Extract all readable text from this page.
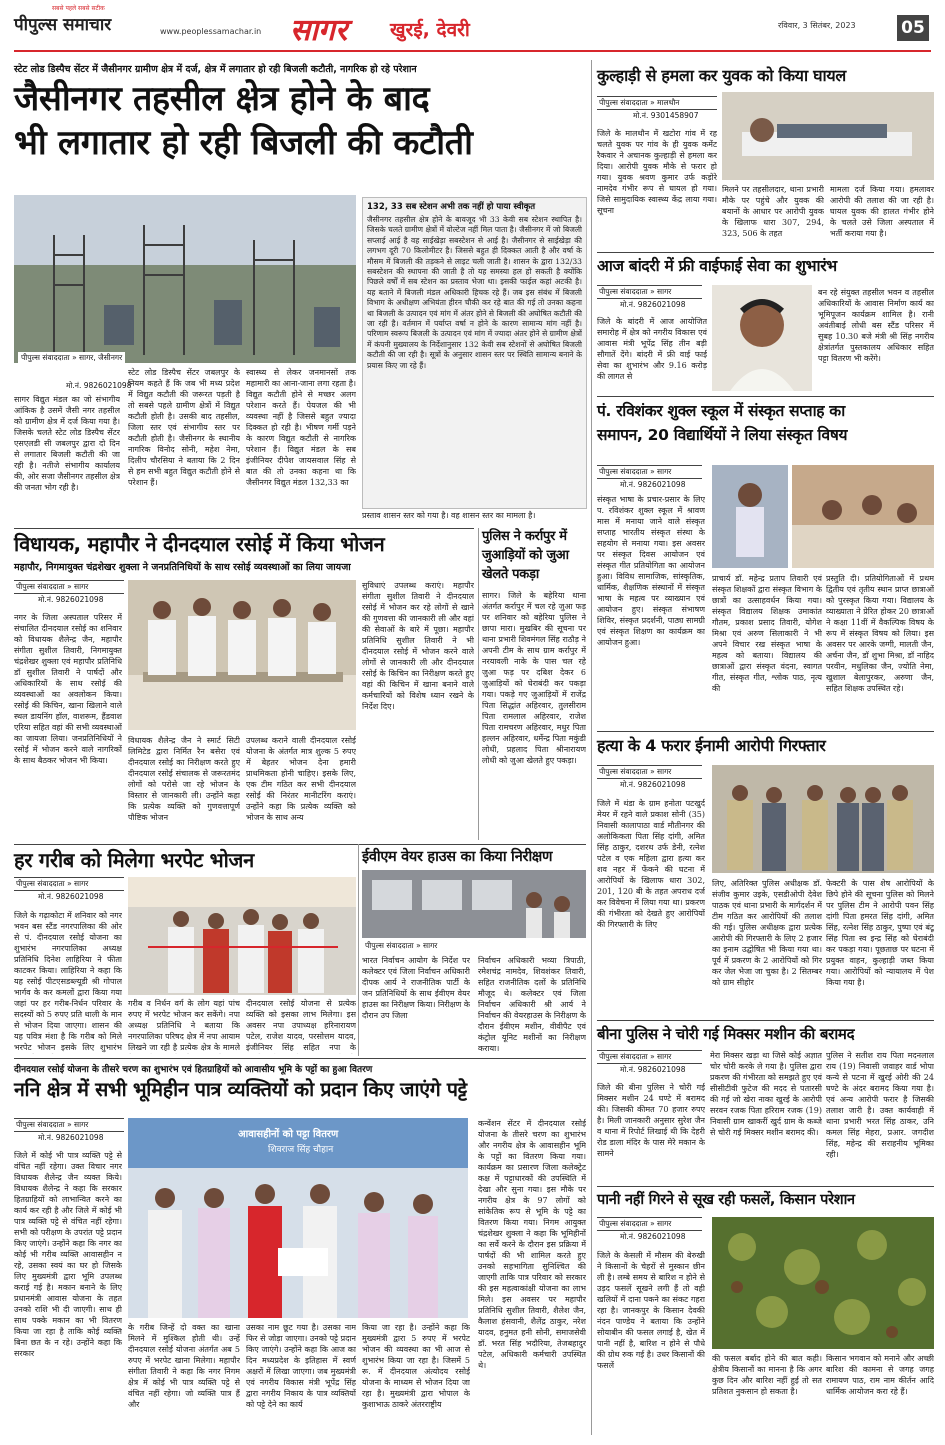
सबसे पहले सबसे सटीक
पीपुल्स समाचार	www.peoplessamachar.in सागर खुरई, देवरी	रविवार, 3 सितंबर, 2023	05
स्टेट लोड डिस्पैच सेंटर में जैसीनगर ग्रामीण क्षेत्र में दर्ज, क्षेत्र में लगातार हो रही बिजली कटौती, नागरिक हो रहे परेशान
जैसीनगर तहसील क्षेत्र होने के बाद
भी लगातार हो रही बिजली की कटौती
पीपुल्स संवाददाता » सागर, जैसीनगर
मो.नं. 9826021098
132, 33 सब स्टेशन अभी तक नहीं हो पाया स्वीकृत
जैसीनगर तहसील क्षेत्र होने के बावजूद भी 33 केवी सब स्टेशन स्थापित है। जिसके चलते ग्रामीण क्षेत्रों में वोल्टेज नहीं मिल पाता है। जैसीनगर में जो बिजली सप्लाई आई है वह साईखेड़ा सबस्टेशन से आई है। जैसीनगर से साईखेड़ा की लगभग दूरी 70 किलोमीटर है। जिससे बहुत ही दिक्कत आती है और वर्षा के मौसम में बिजली की तड़कने से लाइट चली जाती है। शासन के द्वारा 132/33 सबस्टेशन की स्थापना की जाती है तो यह समस्या हल हो सकती है क्योंकि पिछले वर्षों में सब स्टेशन का प्रस्ताव भेजा था। इसकी फाईल कहां अटकी है। यह बताने में बिजली मंडल अधिकारी हिचक रहे हैं। जब इस संबंध में बिजली विभाग के अधीक्षण अभियंता हीरन चौकी कर रहे बात की गई तो उनका कहना था बिजली के उत्पादन एवं मांग में अंतर होने से बिजली की अघोषित कटौती की जा रही है। वर्तमान में पर्याप्त वर्षा न होने के कारण सामान्य मांग नहीं है। परिणाम स्वरूप बिजली के उत्पादन एवं मांग में ज्यादा अंतर होने से ग्रामीण क्षेत्रों में कंपनी मुख्यालय के निर्देशानुसार 132 केवी सब स्टेशनों से अघोषित बिजली कटौती की जा रही है। सूत्रों के अनुसार शासन स्तर पर स्थिति सामान्य बनाने के प्रयास किए जा रहे हैं।
सागर विद्युत मंडल का जो संभागीय आंकिक है उसमें जैसी नगर तहसील को ग्रामीण क्षेत्र में दर्ज किया गया है। जिसके चलते स्टेट लोड डिस्पैच सेंटर एसएलडी सी जबलपुर द्वारा दो दिन से लगातार बिजली कटौती की जा रही है। नतीजे संभागीय कार्यालय की, ओर सजा जैसीनगर तहसील क्षेत्र की जनता भोग रही है।
स्टेट लोड डिस्पैच सेंटर जबलपुर के नियम कहते हैं कि जब भी मध्य प्रदेश में विद्युत कटौती की जरूरत पड़ती है तो सबसे पहले ग्रामीण क्षेत्रों में विद्युत कटौती होती है। उसकी बाद तहसील, जिला स्तर एवं संभागीय स्तर पर कटौती होती है। जैसीनगर के स्थानीय नागरिक विनोद सोनी, महेश नेमा, दिलीप चौरसिया ने बताया कि 2 दिन से हम सभी बहुत विद्युत कटौती होने से परेशान हैं।
स्वास्थ्य से लेकर जनमानसों तक महामारी का आना-जाना लगा रहता है। विद्युत कटौती होने से मच्छर अलग परेशान करते हैं। पेयजल की भी व्यवस्था नहीं है जिससे बहुत ज्यादा दिक्कत हो रही है। भीषण गर्मी पड़ने के कारण विद्युत कटौती से नागरिक परेशान हैं। विद्युत मंडल के सब इंजीनियर दीपेश जायसवाल सिंह से बात की तो उनका कहना था कि जैसीनगर विद्युत मंडल 132,33 का
प्रस्ताव शासन स्तर को गया है। वह शासन स्तर का मामला है।
कुल्हाड़ी से हमला कर युवक को किया घायल
पीपुल्स संवाददाता » मालथौन
मो.नं. 9301458907
जिले के मालथौन में खटोरा गांव में रह चलते युवक पर गांव के ही युवक कमेंट रैकवार ने अचानक कुल्हाड़ी से हमला कर दिया। आरोपी युवक मौके से फरार हो गया। युवक श्रवण कुमार उर्फ कड़ोरे नामदेव गंभीर रूप से घायल हो गया। जिसे सामुदायिक स्वास्थ्य केंद्र लाया गया। सूचना
मिलने पर तहसीलदार, थाना प्रभारी मौके पर पहुंचे और युवक की बयानों के आधार पर आरोपी युवक के खिलाफ धारा 307, 294, 323, 506 के तहत
मामला दर्ज किया गया। हमलावर आरोपी की तलाश की जा रही है। घायल युवक की हालत गंभीर होने के चलते उसे जिला अस्पताल में भर्ती कराया गया है।
आज बांदरी में फ्री वाईफाई सेवा का शुभारंभ
पीपुल्स संवाददाता » सागर
मो.नं. 9826021098
जिले के बांदरी में आज आयोजित समारोह में क्षेत्र को नगरीय विकास एवं आवास मंत्री भूपेंद्र सिंह तीन बड़ी सौगातें देंगे। बांदरी में फ्री वाई फाई सेवा का शुभारंभ और 9.16 करोड़ की लागत से
बन रहे संयुक्त तहसील भवन व तहसील अधिकारियों के आवास निर्माण कार्य का भूमिपूजन कार्यक्रम शामिल है। रानी अवंतीबाई लोधी बस स्टैंड परिसर में सुबह 10.30 बजे मंत्री श्री सिंह नगरीय क्षेत्रांतर्गत पुस्तकालय अधिकार सहित पट्टा वितरण भी करेंगे।
पं. रविशंकर शुक्ल स्कूल में संस्कृत सप्ताह का
समापन, 20 विद्यार्थियों ने लिया संस्कृत विषय
पीपुल्स संवाददाता » सागर
मो.नं. 9826021098
संस्कृत भाषा के प्रचार-प्रसार के लिए प. रविशंकर शुक्ल स्कूल में श्रावण मास में मनाया जाने वाले संस्कृत सप्ताह भारतीय संस्कृत संस्था के सहयोग से मनाया गया। इस अवसर पर संस्कृत दिवस आयोजन एवं संस्कृत गीत प्रतियोगिता का आयोजन हुआ। विविध सामाजिक, सांस्कृतिक, धार्मिक, शैक्षणिक संस्थानों में संस्कृत भाषा के महत्व पर व्याख्यान एवं आयोजन हुए। संस्कृत संभाषण शिविर, संस्कृत प्रदर्शनी, पाठ्य सामग्री एवं संस्कृत शिक्षण का कार्यक्रम का आयोजन हुआ।
प्राचार्य डॉ. महेन्द्र प्रताप तिवारी एवं संस्कृत शिक्षकों द्वारा संस्कृत विभाग के छात्रों का उत्साहवर्धन किया गया। संस्कृत विद्यालय शिक्षक उमाकांत गौतम, प्रकाश प्रसाद तिवारी, योगेश मिश्रा एवं अरुण सिलाकारी ने भी अपने विचार रख संस्कृत भाषा के महत्व को बताया। विद्यालय की छात्राओं द्वारा संस्कृत वंदना, स्वागत गीत, संस्कृत गीत, श्लोक पाठ, नृत्य की
प्रस्तुति दी। प्रतियोगिताओं में प्रथम द्वितीय एवं तृतीय स्थान प्राप्त छात्राओं को पुरस्कृत किया गया। विद्यालय के व्याख्याता ने प्रेरित होकर 20 छात्राओं ने कक्षा 11वीं में वैकल्पिक विषय के रूप में संस्कृत विषय को लिया। इस अवसर पर आरके जग्गी, मालती जैन, अर्चना जैन, डॉ शुभा मिश्रा, डॉ नाहिद परवीन, मधुलिका जैन, ज्योति नेमा, खुशाल बेलापुरकर, अरुणा जैन, सहित शिक्षक उपस्थित रहे।
हत्या के 4 फरार ईनामी आरोपी गिरफ्तार
पीपुल्स संवाददाता » सागर
मो.नं. 9826021098
जिले में थंडा के ग्राम हनोता पटखुर्द मेयर में रहने वाले प्रकाश सोनी (35) निवासी कालापाठा वार्ड मौतीनगर की अलोकिकता पिता सिंह दांगी, अमित सिंह ठाकुर, दशरथ उर्फ डेनी, रत्नेश पटेल व एक महिला द्वारा हत्या कर शव नहर में फेंकने की घटना में आरोपियों के खिलाफ धारा 302, 201, 120 बी के तहत अपराध दर्ज कर विवेचना में लिया गया था। प्रकरण की गंभीरता को देखते हुए आरोपियों की गिरफ्तारी के लिए
लिए, अतिरिक्त पुलिस अधीक्षक डॉ. संजीव कुमार उइके, एसडीओपी देवेश पाठक एवं थाना प्रभारी के मार्गदर्शन में टीम गठित कर आरोपियों की तलाश की गई। पुलिस अधीक्षक द्वारा प्रत्येक आरोपी की गिरफ्तारी के लिए 2 हजार का इनाम उद्घोषित भी किया गया था। पूर्व में प्रकरण के 2 आरोपियों को गिर कर जेल भेजा जा चुका है। 2 सितम्बर को ग्राम सीहोर
फेक्टरी के पास शेष आरोपियों के छिपे होने की सूचना पुलिस को मिलने पर पुलिस टीम ने आरोपी पवन सिंह दांगी पिता हमरत सिंह दांगी, अमित सिंह, रत्नेश सिंह ठाकुर, पुष्पा एवं बंटू सिंह पिता स्व इन्द्र सिंह को घेराबंदी कर पकड़ा गया। पूछताछ पर घटना में प्रयुक्त वाहन, कुल्हाड़ी जब्त किया गया। आरोपियों को न्यायालय में पेश किया गया है।
बीना पुलिस ने चोरी गई मिक्सर मशीन की बरामद
पीपुल्स संवाददाता » सागर
मो.नं. 9826021098
जिले की बीना पुलिस ने चोरी गई मिक्सर मशीन 24 घण्टे में बरामद की। जिसकी कीमत 70 हजार रुपए है। मिली जानकारी अनुसार सुरेश जैन व थाना में रिपोर्ट लिखाई थी कि देहरी रोड डाला मंदिर के पास मेरे मकान के सामने
मेरा मिक्सर खड़ा था जिसे कोई अज्ञात चोर चोरी करके ले गया है। पुलिस द्वारा प्रकरण की गंभीरता को समझते हुए एवं सीसीटीवी फुटेज की मदद से पतारसी की गई जो खेरा नाका खुरई के आरोपी सरवन रजक पिता हरिराम रजक (19) निवासी ग्राम खाकरीं खुर्द ग्राम के कब्जे से चोरी गई मिक्सर मशीन बरामद की।
पुलिस ने सतीश राय पिता मदनलाल राय (19) निवासी जवाहर वार्ड भोपा कन्ये से पटना में खुरई ओरी की 24 घण्टे के अंदर बरामद किया गया है। एवं अन्य आरोपी फरार है जिसकी तलाश जारी है। उक्त कार्यवाही में थाना प्रभारी भरत सिंह ठाकर, उनि कमल सिंह मेहरा, प्रआर. जगदीश सिंह, महेन्द्र की सराहनीय भूमिका रही।
पानी नहीं गिरने से सूख रही फसलें, किसान परेशान
पीपुल्स संवाददाता » सागर
मो.नं. 9826021098
जिले के केसली में मौसम की बेरुखी ने किसानों के चेहरों से मुस्कान छीन ली है। लम्बे समय से बारिश न होने से उड़द फसलें सूखने लगी हैं तो वही खलियों में दाना पकने का संकट गहरा रहा है। जानकपुर के किसान देवकी नंदन पाण्डेय ने बताया कि उन्होंने सोयाबीन की फसल लगाई है, खेत में पानी नहीं है, बारिश न होने से पौधे की ग्रोथ रुक गई है। उधर किसानों की फसलें
की फसल बर्बाद होने की बात कही। क्षेत्रीय किसानों का मानना है कि अगर कुछ दिन और बारिश नहीं हुई तो सत प्रतिशत नुकसान हो सकता है।
किसान भगवान को मनाने और अच्छी बारिश की कामना से जगह जगह रामायण पाठ, राम नाम कीर्तन आदि धार्मिक आयोजन करा रहे हैं।
विधायक, महापौर ने दीनदयाल रसोई में किया भोजन
महापौर, निगमायुक्त चंद्रशेखर शुक्ला ने जनप्रतिनिधियों के साथ रसोई व्यवस्थाओं का लिया जायजा
पीपुल्स संवाददाता » सागर
मो.नं. 9826021098
नगर के जिला अस्पताल परिसर में संचालित दीनदयाल रसोई का शनिवार को विधायक शैलेन्द्र जैन, महापौर संगीता सुशील तिवारी, निगमायुक्त चंद्रशेखर शुक्ला एवं महापौर प्रतिनिधि डॉ सुशील तिवारी ने पार्षदों और अधिकारियों के साथ रसोई की व्यवस्थाओं का अवलोकन किया। रसोई की किचिन, खाना खिलाने वाले स्थल डायनिंग हॉल, वाशरूम, हैंडवाश एरिया सहित वहां की सभी व्यवस्थाओं का जायजा लिया। जनप्रतिनिधियों ने रसोई में भोजन करने वाले नागरिकों के साथ बैठकर भोजन भी किया।
विधायक शैलेन्द्र जैन ने स्मार्ट सिटी लिमिटेड द्वारा निर्मित रैन बसेरा एवं दीनदयाल रसोई का निरीक्षण करते हुए दीनदयाल रसोई संचालक से जरूरतमंद लोगों को परोसे जा रहे भोजन के विस्तार से जानकारी ली। उन्होंने कहा कि प्रत्येक व्यक्ति को गुणवत्तापूर्ण पौष्टिक भोजन
उपलब्ध कराने वाली दीनदयाल रसोई योजना के अंतर्गत मात्र शुल्क 5 रुपए में बेहतर भोजन देना हमारी प्राथमिकता होनी चाहिए। इसके लिए, एक टीम गठित कर सभी दीनदयाल रसोई की निरंतर मानीटरिंग कराएं। उन्होंने कहा कि प्रत्येक व्यक्ति को भोजन के साथ अन्य
सुविधाएं उपलब्ध कराएं। महापौर संगीता सुशील तिवारी ने दीनदयाल रसोई में भोजन कर रहे लोगों से खाने की गुणवत्ता की जानकारी ली और वहां की सेवाओं के बारे में पूछा। महापौर प्रतिनिधि सुशील तिवारी ने भी दीनदयाल रसोई में भोजन करने वाले लोगों से जानकारी ली और दीनदयाल रसोई के किचिन का निरीक्षण करते हुए वहां की किचिन में खाना बनाने वाले कर्मचारियों को विशेष ध्यान रखने के निर्देश दिए।
पुलिस ने कर्रापुर में
जुआड़ियों को जुआ
खेलते पकड़ा
सागर। जिले के बहेरिया थाना अंतर्गत कर्रापुर में चल रहे जुआ फड़ पर शनिवार को बहेरिया पुलिस ने छापा मारा। मुखबिर की सूचना पर थाना प्रभारी शिवमंगल सिंह राठौड़ ने अपनी टीम के साथ ग्राम कर्रापुर में नरयावली नाके के पास चल रहे जुआ फड़ पर दबिश देकर 6 जुआड़ियों को घेराबंदी कर पकड़ा गया। पकड़े गए जुआड़ियों में राजेंद्र पिता सिद्धांत अहिरवार, तुलसीराम पिता रामलाल अहिरवार, राजेश पिता रामचरण अहिरवार, मधुर पिता हल्लन अहिरवार, धर्मेन्द्र पिता मकुंडी लोधी, प्रहलाद पिता श्रीनारायण लोधी को जुआ खेलते हुए पकड़ा।
हर गरीब को मिलेगा भरपेट भोजन
पीपुल्स संवाददाता » सागर
मो.नं. 9826021098
जिले के गढ़ाकोटा में शनिवार को नगर भवन बस स्टैंड नगरपालिका की ओर से पं. दीनदयाल रसोई योजना का शुभारंभ नगरपालिका अध्यक्ष प्रतिनिधि दिनेश लाहिरिया ने फीता काटकर किया। लाहिरिया ने कहा कि यह रसोई पीटएसडब्ल्यूडी श्री गोपाल भार्गव के कर कमलों द्वारा किया गया जहां पर हर गरीब-निर्धन परिवार के सदस्यों को 5 रुपए प्रति थाली के मान से भोजन दिया जाएगा। शासन की यह पवित्र मंशा है कि गरीब को मिले भरपेट भोजन इसके लिए शुभारंभ
गरीब व निर्धन वर्ग के लोग यहां पांच रुपए में भरपेट भोजन कर सकेंगे। नपा अध्यक्ष प्रतिनिधि ने बताया कि नगरपालिका परिषद क्षेत्र में नपा आयाम लिखने जा रही है प्रत्येक क्षेत्र के मामले
दीनदयाल रसोई योजना से प्रत्येक व्यक्ति को इसका लाभ मिलेगा। इस अवसर नपा उपाध्यक्ष हरिनारायण पटेल, राजेश यादव, परसोत्तम यादव, इंजीनियर सिंह सहित नपा के
ईवीएम वेयर हाउस का किया निरीक्षण
पीपुल्स संवाददाता » सागर
भारत निर्वाचन आयोग के निर्देश पर कलेक्टर एवं जिला निर्वाचन अधिकारी दीपक आर्य ने राजनीतिक पार्टी के जन प्रतिनिधियों के साथ ईवीएम वेयर हाउस का निरीक्षण किया। निरीक्षण के दौरान उप जिला
निर्वाचन अधिकारी भव्या त्रिपाठी, रमेशचंद्र नामदेव, शिवशंकर तिवारी, सहित राजनीतिक दलों के प्रतिनिधि मौजूद थे। कलेक्टर एवं जिला निर्वाचन अधिकारी श्री आर्य ने निर्वाचन की वेयरहाउस के निरीक्षण के दौरान ईवीएम मशीन, वीवीपैट एवं कंट्रोल यूनिट मशीनों का निरीक्षण कराया।
दीनदयाल रसोई योजना के तीसरे चरण का शुभारंभ एवं हितग्राहियों को आवासीय भूमि के पट्टों का हुआ वितरण
ननि क्षेत्र में सभी भूमिहीन पात्र व्यक्तियों को प्रदान किए जाएंगे पट्टे
पीपुल्स संवाददाता » सागर
मो.नं. 9826021098
जिले में कोई भी पात्र व्यक्ति पट्टे से वंचित नहीं रहेगा। उक्त विचार नगर विधायक शैलेन्द्र जैन व्यक्त किये। विधायक शैलेन्द्र ने कहा कि सरकार हितग्राहियों को लाभान्वित करने का कार्य कर रही है और जिले में कोई भी पात्र व्यक्ति पट्टे से वंचित नहीं रहेगा। सभी को परीक्षण के उपरांत पट्टे प्रदान किए जाएंगे। उन्होंने कहा कि नगर का कोई भी गरीब व्यक्ति आवासहीन न रहे, उसका स्वयं का घर हो जिसके लिए मुख्यमंत्री द्वारा भूमि उपलब्ध कराई गई है। मकान बनाने के लिए प्रधानमंत्री आवास योजना के तहत उनको राशि भी दी जाएगी। साथ ही साथ पक्के मकान का भी वितरण किया जा रहा है ताकि कोई व्यक्ति बिना छत के न रहे। उन्होंने कहा कि सरकार
आवासहीनों को पट्टा वितरण
शिवराज सिंह चौहान
के गरीब जिन्हें दो वक्त का खाना मिलने में मुश्किल होती थी। उन्हें दीनदयाल रसोई योजना अंतर्गत अब 5 रुपए में भरपेट खाना मिलेगा। महापौर संगीता तिवारी ने कहा कि नगर निगम क्षेत्र में कोई भी पात्र व्यक्ति पट्टे से वंचित नहीं रहेगा। जो व्यक्ति पात्र हैं और
उसका नाम छूट गया है। उसका नाम फिर से जोड़ा जाएगा। उनको पट्टे प्रदान किए जाएंगे। उन्होंने कहा कि आज का दिन मध्यप्रदेश के इतिहास में स्वर्ण अक्षरों में लिखा जाएगा। जब मुख्यमंत्री एवं नगरीय विकास मंत्री भूपेंद्र सिंह द्वारा नगरीय निकाय के पात्र व्यक्तियों को पट्टे देने का कार्य
किया जा रहा है। उन्होंने कहा कि मुख्यमंत्री द्वारा 5 रुपए में भरपेट भोजन की व्यवस्था का भी आज से शुभारंभ किया जा रहा है। जिसमें 5 रू. में दीनदयाल अंत्योदय रसोई योजना के माध्यम से भोजन दिया जा रहा है। मुख्यमंत्री द्वारा भोपाल के कुशाभाऊ ठाकरे अंतरराष्ट्रीय
कन्वेंशन सेंटर में दीनदयाल रसोई योजना के तीसरे चरण का शुभारंभ और नगरीय क्षेत्र के आवासहीन भूमि के पट्टों का वितरण किया गया। कार्यक्रम का प्रसारण जिला कलेक्ट्रेट कक्ष में पट्टाधारकों की उपस्थिति में देखा और सुना गया। इस मौके पर नगरीय क्षेत्र के 97 लोगों को सांकेतिक रूप से भूमि के पट्टे का वितरण किया गया। निगम आयुक्त चंद्रशेखर शुक्ला ने कहा कि भूमिहीनों का सर्वे करने के दौरान इस प्रक्रिया में पार्षदों की भी शामिल करते हुए उनको सहभागिता सुनिश्चित की जाएगी ताकि पात्र परिवार को सरकार की इस महत्वाकांक्षी योजना का लाभ मिले। इस अवसर पर महापौर प्रतिनिधि सुशील तिवारी, शैलेश जैन, कैलाश हंसवानी, शैलेंद्र ठाकुर, नरेश यादव, हनुमत हनी सोनी, समाजसेवी डॉ. भरत सिंह भदौरिया, तेजबहादुर पटेल, अधिकारी कर्मचारी उपस्थित थे।
